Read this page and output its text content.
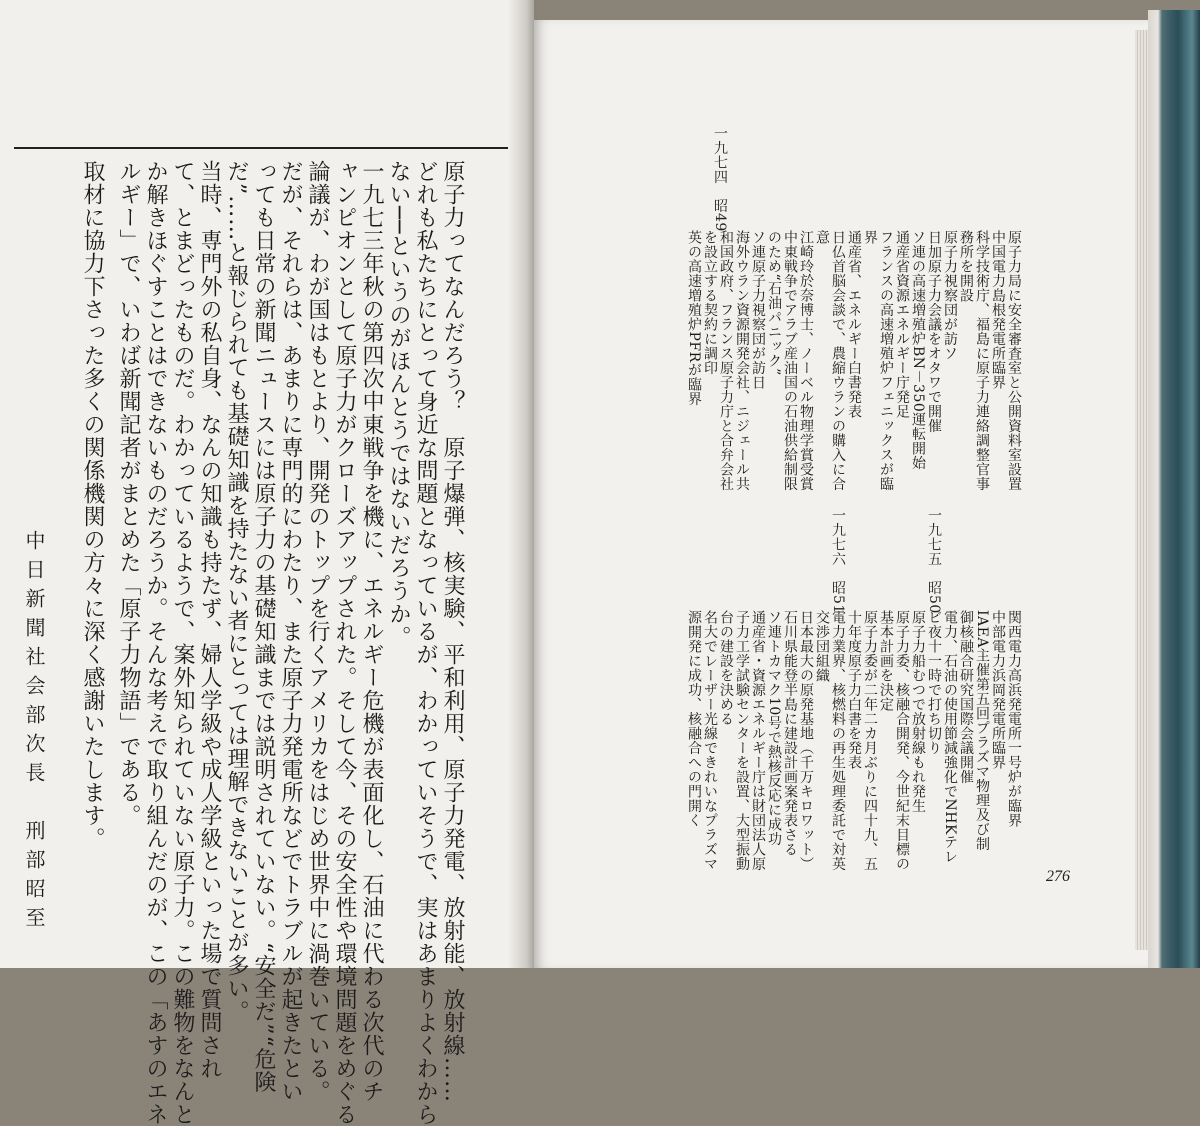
原子力ってなんだろう？　原子爆弾、核実験、平和利用、原子力発電、放射能、放射線……
どれも私たちにとって身近な問題となっているが、わかっていそうで、実はあまりよくわから
ない──というのがほんとうではないだろうか。
一九七三年秋の第四次中東戦争を機に、エネルギー危機が表面化し、石油に代わる次代のチ
ャンピオンとして原子力がクローズアップされた。そして今、その安全性や環境問題をめぐる
論議が、わが国はもとより、開発のトップを行くアメリカをはじめ世界中に渦巻いている。
だが、それらは、あまりに専門的にわたり、また原子力発電所などでトラブルが起きたとい
っても日常の新聞ニュースには原子力の基礎知識までは説明されていない。“安全だ”“危険
だ”……と報じられても基礎知識を持たない者にとっては理解できないことが多い。
当時、専門外の私自身、なんの知識も持たず、婦人学級や成人学級といった場で質問され
て、とまどったものだ。わかっているようで、案外知られていない原子力。この難物をなんと
か解きほぐすことはできないものだろうか。そんな考えで取り組んだのが、この「あすのエネ
ルギー」で、いわば新聞記者がまとめた「原子力物語」である。
取材に協力下さった多くの関係機関の方々に深く感謝いたします。
中日新聞社会部次長　刑部昭至
原子力局に安全審査室と公開資料室設置
中国電力島根発電所臨界
科学技術庁、福島に原子力連絡調整官事
務所を開設
原子力視察団が訪ソ
日加原子力会議をオタワで開催
ソ連の高速増殖炉BN－350運転開始
通産省資源エネルギー庁発足
フランスの高速増殖炉フェニックスが臨
界
通産省、エネルギー白書発表
日仏首脳会談で、農縮ウランの購入に合
意
江崎玲於奈博士、ノーベル物理学賞受賞
中東戦争でアラブ産油国の石油供給制限
のため“石油パニック”
ソ連原子力視察団が訪日
海外ウラン資源開発会社、ニジェール共
和国政府、フランス原子力庁と合弁会社
を設立する契約に調印
英の高速増殖炉PFRが臨界
一九七四　昭49
関西電力高浜発電所一号炉が臨界
中部電力浜岡発電所臨界
IAEA主催第五回プラズマ物理及び制
御核融合研究国際会議開催
電力、石油の使用節減強化でNHKテレ
ビ夜十一時で打ち切り
原子力船むつで放射線もれ発生
原子力委、核融合開発、今世紀末目標の
基本計画を決定
原子力委が二年二カ月ぶりに四十九、五
十年度原子力白書を発表
電力業界、核燃料の再生処理委託で対英
交渉団組織
日本最大の原発基地（千万キロワット）
石川県能登半島に建設計画案発表さる
ソ連トカマク10号で熱核反応に成功
通産省・資源エネルギー庁は財団法人原
子力工学試験センターを設置、大型振動
台の建設を決める
名大でレーザー光線できれいなプラズマ
源開発に成功、核融合への門開く
一九七五　昭50
一九七六　昭51
276
